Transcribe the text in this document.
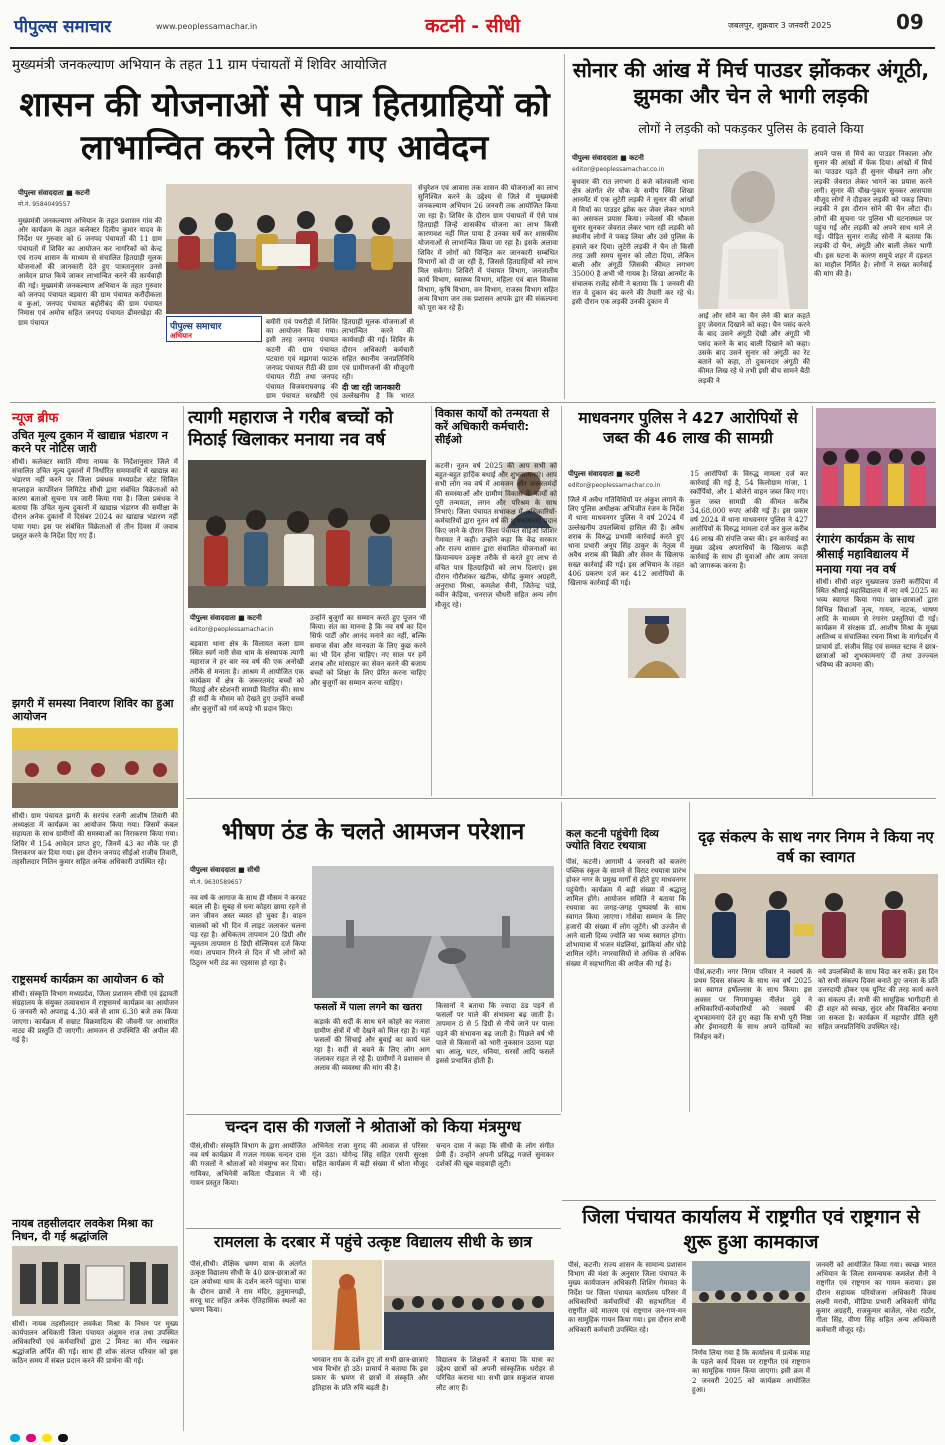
पीपुल्स समाचार	www.peoplessamachar.in	कटनी - सीधी	जबलपुर, शुक्रवार 3 जनवरी 2025	09
मुख्यमंत्री जनकल्याण अभियान के तहत 11 ग्राम पंचायतों में शिविर आयोजित
शासन की योजनाओं से पात्र हितग्राहियों को लाभान्वित करने लिए गए आवेदन
पीपुल्स संवाददाता ■ कटनी
मो.नं. 9584049557
मुख्यमंत्री जनकल्याण अभियान के तहत प्रशासन गांव की ओर कार्यक्रम के तहत कलेक्टर दिलीप कुमार यादव के निर्देश पर गुरुवार को 6 जनपद पंचायतों की 11 ग्राम पंचायतों में शिविर का आयोजन कर नागरिकों को केन्द्र एवं राज्य शासन के माध्यम से संचालित हितग्राही मूलक योजनाओं की जानकारी देते हुए पात्रतानुसार उनसे आवेदन प्राप्त किये जाकर लाभान्वित करने की कार्यवाही की गई। मुख्यमंत्री जनकल्याण अभियान के तहत गुरुवार को जनपद पंचायत बड़वारा की ग्राम पंचायत करौंदीकला व कुआं, जनपद पंचायत बहोरीबंद की ग्राम पंचायत निमास एवं अमोच सहित जनपद पंचायत ढीमरखेड़ा की ग्राम पंचायत	पीपुल्स समाचार
अभियान
बमीरी एवं पथरौड़ी में शिविर का आयोजन किया गया। इसी तरह जनपद पंचायत कटनी की ग्राम पंचायत पटवारा एवं मझगवां फाटक जनपद पंचायत रीठी की ग्राम पंचायत रीठी तथा जनपद पंचायत विजयराघवगढ़ की ग्राम पंचायत चरखौरी एवं
सेचुरेशन एवं आवास तक शासन की योजनाओं का लाभ सुनिश्चित करने के उद्देश्य से जिले में मुख्यमंत्री जनकल्याण अभियान 26 जनवरी तक आयोजित किया जा रहा है। शिविर के दौरान ग्राम पंचायतों में ऐसे पात्र हितग्राही जिन्हें शासकीय योजना का लाभ किसी कारणवश नहीं मिल पाया है उनका सर्वे कर शासकीय योजनाओं से लाभान्वित किया जा रहा है। इसके अलावा शिविर में लोगों को चिन्हित कर जानकारी सम्बंधित विभागों को दी जा रही है, जिससे हितग्राहियों को लाभ मिल सकेगा। शिविरों में पंचायत विभाग, जनजातीय कार्य विभाग, स्वास्थ्य विभाग, महिला एवं बाल विकास विभाग, कृषि विभाग, वन विभाग, राजस्व विभाग सहित अन्य विभाग जन तक प्रशासन आपके द्वार की संकल्पना को पूरा कर रहे हैं।
हितग्राही मूलक योजनाओं से लाभान्वित करने की कार्यवाही की गई। शिविर के दौरान अधिकारी कर्मचारी सहित स्थानीय जनप्रतिनिधि एवं ग्रामीणजनों की मौजूदगी रही।
दी जा रही जानकारी
उल्लेखनीय है कि भारत
सोनार की आंख में मिर्च पाउडर झोंककर अंगूठी, झुमका और चेन ले भागी लड़की
लोगों ने लड़की को पकड़कर पुलिस के हवाले किया
पीपुल्स संवाददाता ■ कटनी
editor@peoplessamachar.co.in
बुधवार की रात लगभग 8 बजे कोतवाली थाना क्षेत्र अंतर्गत शेर चौक के समीप स्थित शिखा आनमेंट में एक लुटेरी लड़की ने सुनार की आंखों में मिर्चा का पाउडर झोंक कर जेवर लेकर भागने का असफल प्रयास किया। ज्वेलर्स की चौकस सुनार सुनकर जेवरात लेकर भाग रही लड़की को स्थानीय लोगों ने पकड़ लिया और उसे पुलिस के हवाले कर दिया। लुटेरी लड़की ने चैन तो किसी तरह उसी समय सुनार को लौटा दिया, लेकिन बाली और अंगूठी जिसकी कीमत लगभग 35000 है अभी भी गायब है। शिखा आनमेंट के संचालक राजेंद्र सोनी ने बताया कि 1 जनवरी की रात वे दुकान बंद करने की तैयारी कर रहे थे। इसी दौरान एक लड़की उनकी दुकान में
आई और सोने का चैन लेने की बात कहते हुए जेवरात दिखाने को कहा। चैन पसंद करने के बाद उसने अंगूठी देखी और अंगूठी भी पसंद करने के बाद बाली दिखाने को कहा। उसके बाद उसने सुनार को अंगूठी का रेट बताने को कहा, तो दुकानदार अंगूठी की कीमत लिख रहे थे तभी इसी बीच सामने बैठी लड़की ने
अपने पास से मिर्च का पाउडर निकाला और सुनार की आंखों में फेंक दिया। आंखों में मिर्च का पाउडर पड़ते ही सुनार चीखने लगा और लड़की जेवरात लेकर भागने का प्रयास करने लगी। सुनार की चीख-पुकार सुनकर आसपास मौजूद लोगों ने दौड़कर लड़की को पकड़ लिया। लड़की ने इस दौरान सोने की चैन लौटा दी। लोगों की सूचना पर पुलिस भी घटनास्थल पर पहुंच गई और लड़की को अपने साथ थाने ले गई। पीड़ित सुनार राजेंद्र सोनी ने बताया कि लड़की दो चैन, अंगूठी और बाली लेकर भागी थी। इस घटना के कारण समूचे शहर में दहशत का माहौल निर्मित है। लोगों ने सख्त कार्रवाई की मांग की है।
न्यूज ब्रीफ
उचित मूल्य दुकान में खाद्यान्न भंडारण न करने पर नोटिस जारी
सीधी। कलेक्टर स्वाति मीणा नायक के निर्देशानुसार जिले में संचालित उचित मूल्य दुकानों में निर्धारित समयावधि में खाद्यान्न का भंडारण नहीं करने पर जिला प्रबंधक मध्यप्रदेश स्टेट सिविल सप्लाइज कार्पोरेशन लिमिटेड सीधी द्वारा संबंधित विक्रेताओं को कारण बताओ सूचना पत्र जारी किया गया है। जिला प्रबंधक ने बताया कि उचित मूल्य दुकानों में खाद्यान्न भंडारण की समीक्षा के दौरान अनेक दुकानों में दिसंबर 2024 का खाद्यान्न भंडारण नहीं पाया गया। इस पर संबंधित विक्रेताओं से तीन दिवस में जवाब प्रस्तुत करने के निर्देश दिए गए हैं।
झगरी में समस्या निवारण शिविर का हुआ आयोजन
सीधी। ग्राम पंचायत झगरी के सरपंच रजनी आशीष तिवारी की अध्यक्षता में कार्यक्रम का आयोजन किया गया। जिसमें कंबल सहायता के साथ ग्रामीणों की समस्याओं का निराकरण किया गया। शिविर में 154 आवेदन प्राप्त हुए, जिनमें 43 का मौके पर ही निराकरण कर दिया गया। इस दौरान जनपद सीईओ राजीव तिवारी, तहसीलदार नितिन कुमार सहित अनेक अधिकारी उपस्थित रहे।
राष्ट्रसमर्थ कार्यक्रम का आयोजन 6 को
सीधी। संस्कृति विभाग मध्यप्रदेश, जिला प्रशासन सीधी एवं इंद्रावती संग्रहालय के संयुक्त तत्वावधान में राष्ट्रसमर्थ कार्यक्रम का आयोजन 6 जनवरी को अपराह्न 4.30 बजे से शाम 6.30 बजे तक किया जाएगा। कार्यक्रम में सम्राट विक्रमादित्य की जीवनी पर आधारित नाट्य की प्रस्तुति दी जाएगी। आमजन से उपस्थिति की अपील की गई है।
नायब तहसीलदार लवकेश मिश्रा का निधन, दी गई श्रद्धांजलि
सीधी। नायब तहसीलदार लवकेश मिश्रा के निधन पर मुख्य कार्यपालन अधिकारी जिला पंचायत अंशुमन राज तथा उपस्थित अधिकारियों एवं कर्मचारियों द्वारा 2 मिनट का मौन रखकर श्रद्धांजलि अर्पित की गई। साथ ही शोक संतप्त परिवार को इस कठिन समय में संबल प्रदान करने की प्रार्थना की गई।
त्यागी महाराज ने गरीब बच्चों को मिठाई खिलाकर मनाया नव वर्ष
पीपुल्स संवाददाता ■ कटनी
editor@peoplessamachar.in
बड़वारा थाना क्षेत्र के विलायत कला ग्राम स्थित स्वर्ग नारी सेवा धाम के संस्थापक त्यागी महाराज ने हर बार नव वर्ष की एक अनोखी तरीके से मनाता है। आश्रम में आयोजित एक कार्यक्रम में क्षेत्र के जरूरतमंद बच्चों को मिठाई और स्टेशनरी सामग्री वितरित की। साथ ही सर्दी के मौसम को देखते हुए उन्होंने बच्चों और बुजुर्गों को गर्म कपड़े भी प्रदान किए।
उन्होंने बुजुर्गों का सम्मान करते हुए पूजन भी किया। संत का मानना है कि नव वर्ष का दिन सिर्फ पार्टी और आनंद मनाने का नहीं, बल्कि समाज सेवा और मानवता के लिए कुछ करने का भी दिन होना चाहिए। नए साल पर हमें शराब और मांसाहार का सेवन करने की बजाय बच्चों को शिक्षा के लिए प्रेरित करना चाहिए और बुजुर्गों का सम्मान करना चाहिए।
विकास कार्यों को तन्मयता से करें अधिकारी कर्मचारी: सीईओ
कटनी। नूतन वर्ष 2025 की आप सभी को बहुत-बहुत हार्दिक बधाई और शुभकामनाएं। आप सभी लोग नव वर्ष में आमजन और जरूरतमंदों की समस्याओं और ग्रामीण विकास के कार्यों को पूरी तन्मयता, लगन और परिश्रम के साथ निभाएं। जिला पंचायत सभाकक्ष में अधिकारियों-कर्मचारियों द्वारा नूतन वर्ष की शुभकामनाएं प्रदान किए जाने के दौरान जिला पंचायत सीईओ शिशिर गेमावत ने कही। उन्होंने कहा कि केंद्र सरकार और राज्य शासन द्वारा संचालित योजनाओं का क्रियान्वयन उत्कृष्ट तरीके से करते हुए लाभ से वंचित पात्र हितग्राहियों को लाभ दिलाएं। इस दौरान गौरीशंकर खटीक, योगेंद्र कुमार अग्रहरी, अनुराधा मिश्रा, कमलेश सैनी, जितेन्द्र पांडे, नवीन केड़िया, धनराज चौधरी सहित अन्य लोग मौजूद रहे।
माधवनगर पुलिस ने 427 आरोपियों से जब्त की 46 लाख की सामग्री
पीपुल्स संवाददाता ■ कटनी
editor@peoplessamachar.co.in
जिले में अवैध गतिविधियों पर अंकुश लगाने के लिए पुलिस अधीक्षक अभिजीत रंजन के निर्देश में थाना माधवनगर पुलिस ने वर्ष 2024 में उल्लेखनीय उपलब्धियां हासिल की हैं। अवैध शराब के विरुद्ध प्रभावी कार्रवाई करते हुए थाना प्रभारी अनूप सिंह ठाकुर के नेतृत्व में अवैध शराब की बिक्री और सेवन के खिलाफ सख्त कार्रवाई की गई। इस अभियान के तहत 406 प्रकरण दर्ज कर 412 आरोपियों के खिलाफ कार्रवाई की गई।
15 आरोपियों के विरुद्ध मामला दर्ज कर कार्रवाई की गई है, 54 किलोग्राम गांजा, 1 स्कॉर्पियो, और 1 बोलेरो वाहन जब्त किए गए। कुल जब्त सामग्री की कीमत करीब 34,68,000 रुपए आंकी गई है। इस प्रकार वर्ष 2024 में थाना माधवनगर पुलिस ने 427 आरोपियों के विरुद्ध मामला दर्ज कर कुल करीब 46 लाख की संपत्ति जब्त की। इन कार्रवाई का मुख्य उद्देश्य अपराधियों के खिलाफ कड़ी कार्रवाई के साथ ही युवाओं और आम जनता को जागरूक करना है।
रंगारंग कार्यक्रम के साथ श्रीसाई महाविद्यालय में मनाया गया नव वर्ष
सीधी। सीधी शहर मुख्यालय उत्तरी करौंदिया में स्थित श्रीसाई महाविद्यालय में नए वर्ष 2025 का भव्य स्वागत किया गया। छात्र-छात्राओं द्वारा विभिन्न विधाओं नृत्य, गायन, नाटक, भाषण आदि के माध्यम से रंगारंग प्रस्तुतियां दी गईं। कार्यक्रम में संरक्षक डॉ. आशीष मिश्रा के मुख्य आतिथ्य व संचालिका रचना मिश्रा के मार्गदर्शन में प्राचार्य डॉ. संजीव सिंह एवं समस्त स्टाफ ने छात्र-छात्राओं को शुभकामनाएं दीं तथा उज्ज्वल भविष्य की कामना की।
भीषण ठंड के चलते आमजन परेशान
पीपुल्स संवाददाता ■ सीधी
मो.नं. 9630589657
नव वर्ष के आगाज के साथ ही मौसम ने करवट बदल ली है। सुबह से घना कोहरा छाया रहने से जन जीवन अस्त व्यस्त हो चुका है। वाहन चालकों को भी दिन में लाइट जलाकर चलना पड़ रहा है। अधिकतम तापमान 20 डिग्री और न्यूनतम तापमान 8 डिग्री सेल्सियस दर्ज किया गया। तापमान गिरने से दिन में भी लोगों को ठिठुरन भरी ठंड का एहसास हो रहा है।
फसलों में पाला लगने का खतरा
कड़ाके की सर्दी के साथ घने कोहरे का नजारा ग्रामीण क्षेत्रों में भी देखने को मिल रहा है। यहां फसलों की सिंचाई और बुवाई का कार्य चल रहा है। सर्दी से बचने के लिए लोग आग जलाकर राहत ले रहे हैं। ग्रामीणों ने प्रशासन से अलाव की व्यवस्था की मांग की है।
किसानों ने बताया कि ज्यादा ठंड पड़ने से फसलों पर पाले की संभावना बढ़ जाती है। तापमान 8 से 5 डिग्री से नीचे जाने पर पाला पड़ने की संभावना बढ़ जाती है। पिछले वर्ष भी पाले से किसानों को भारी नुकसान उठाना पड़ा था। आलू, मटर, धनिया, सरसों आदि फसलें इससे प्रभावित होती हैं।
कल कटनी पहुंचेगी दिव्य ज्योति विराट रथयात्रा
पीसं, कटनी। आगामी 4 जनवरी को बजरंग पब्लिक स्कूल के सामने से विराट रथयात्रा प्रारंभ होकर नगर के प्रमुख मार्गों से होते हुए माधवनगर पहुंचेगी। कार्यक्रम में बड़ी संख्या में श्रद्धालु शामिल होंगे। आयोजन समिति ने बताया कि रथयात्रा का जगह-जगह पुष्पवर्षा के साथ स्वागत किया जाएगा। गोसेवा सम्मान के लिए हजारों की संख्या में लोग जुटेंगे। श्री उज्जैन से आने वाली दिव्य ज्योति का भव्य स्वागत होगा। शोभायात्रा में भजन मंडलियां, झांकियां और घोड़े शामिल रहेंगे। नगरवासियों से अधिक से अधिक संख्या में सहभागिता की अपील की गई है।
दृढ़ संकल्प के साथ नगर निगम ने किया नए वर्ष का स्वागत
पीसं,कटनी। नगर निगम परिवार ने नववर्ष के प्रथम दिवस संकल्प के साथ नव वर्ष 2025 का स्वागत हर्षोल्लास के साथ किया। इस अवसर पर निगमायुक्त नीलेश दुबे ने अधिकारियों-कर्मचारियों को नववर्ष की शुभकामनाएं देते हुए कहा कि सभी पूरी निष्ठा और ईमानदारी के साथ अपने दायित्वों का निर्वहन करें।
नये उपलब्धियों के साथ विदा कर सकें। इस दिन को सभी संकल्प दिवस बनाते हुए जनता के प्रति उत्तरदायी होकर एक यूनिट की तरह कार्य करने का संकल्प लें। सभी की सामूहिक भागीदारी से ही शहर को स्वच्छ, सुंदर और विकसित बनाया जा सकता है। कार्यक्रम में महापौर प्रीति सूरी सहित जनप्रतिनिधि उपस्थित रहे।
चन्दन दास की गजलों ने श्रोताओं को किया मंत्रमुग्ध
पीसं,सीधी। संस्कृति विभाग के द्वारा आयोजित नव वर्ष कार्यक्रम में गजल गायक चन्दन दास की गजलों ने श्रोताओं को मंत्रमुग्ध कर दिया। गायिका, अभिनेत्री कविता पौडवाल ने भी गायन प्रस्तुत किया।
अभिनेता राजा मुराद की आवाज से परिसर गूंज उठा। योगेन्द्र सिंह सहित एसपी सुरक्षा सहित कार्यक्रम में बड़ी संख्या में श्रोता मौजूद रहे।
चन्दन दास ने कहा कि सीधी के लोग संगीत प्रेमी हैं। उन्होंने अपनी प्रसिद्ध गजलें सुनाकर दर्शकों की खूब वाहवाही लूटी।
रामलला के दरबार में पहुंचे उत्कृष्ट विद्यालय सीधी के छात्र
पीसं,सीधी। शैक्षिक भ्रमण यात्रा के अंतर्गत उत्कृष्ट विद्यालय सीधी के 40 छात्र-छात्राओं का दल अयोध्या धाम के दर्शन करने पहुंचा। यात्रा के दौरान छात्रों ने राम मंदिर, हनुमानगढ़ी, सरयू घाट सहित अनेक ऐतिहासिक स्थलों का भ्रमण किया।
भगवान राम के दर्शन हुए तो सभी छात्र-छात्राएं भाव विभोर हो उठे। प्राचार्य ने बताया कि इस प्रकार के भ्रमण से छात्रों में संस्कृति और इतिहास के प्रति रुचि बढ़ती है।
विद्यालय के शिक्षकों ने बताया कि यात्रा का उद्देश्य छात्रों को अपनी सांस्कृतिक धरोहर से परिचित कराना था। सभी छात्र सकुशल वापस लौट आए हैं।
जिला पंचायत कार्यालय में राष्ट्रगीत एवं राष्ट्रगान से शुरू हुआ कामकाज
पीसं, कटनी। राज्य शासन के सामान्य प्रशासन विभाग की मंशा के अनुसार जिला पंचायत के मुख्य कार्यपालन अधिकारी शिशिर गेमावत के निर्देश पर जिला पंचायत कार्यालय परिसर में अधिकारियों कर्मचारियों की सहभागिता में राष्ट्रगीत वंदे मातरम एवं राष्ट्रगान जन-गण-मन का सामूहिक गायन किया गया। इस दौरान सभी अधिकारी कर्मचारी उपस्थित रहे।
निर्णय लिया गया है कि कार्यालय में प्रत्येक माह के पहले कार्य दिवस पर राष्ट्रगीत एवं राष्ट्रगान का सामूहिक गायन किया जाएगा। इसी क्रम में 2 जनवरी 2025 को कार्यक्रम आयोजित हुआ।
जनवरी को आयोजित किया गया। स्वच्छ भारत अभियान के जिला समन्वयक कमलेश सैनी ने राष्ट्रगीत एवं राष्ट्रगान का गायन कराया। इस दौरान सहायक परियोजना अधिकारी विजय लक्ष्मी मरावी, मीडिया प्रभारी अधिकारी योगेंद्र कुमार अग्रहरी, राजकुमार बाजेल, नरेश राठौर, गीता सिंह, वीणा सिंह सहित अन्य अधिकारी कर्मचारी मौजूद रहे।
